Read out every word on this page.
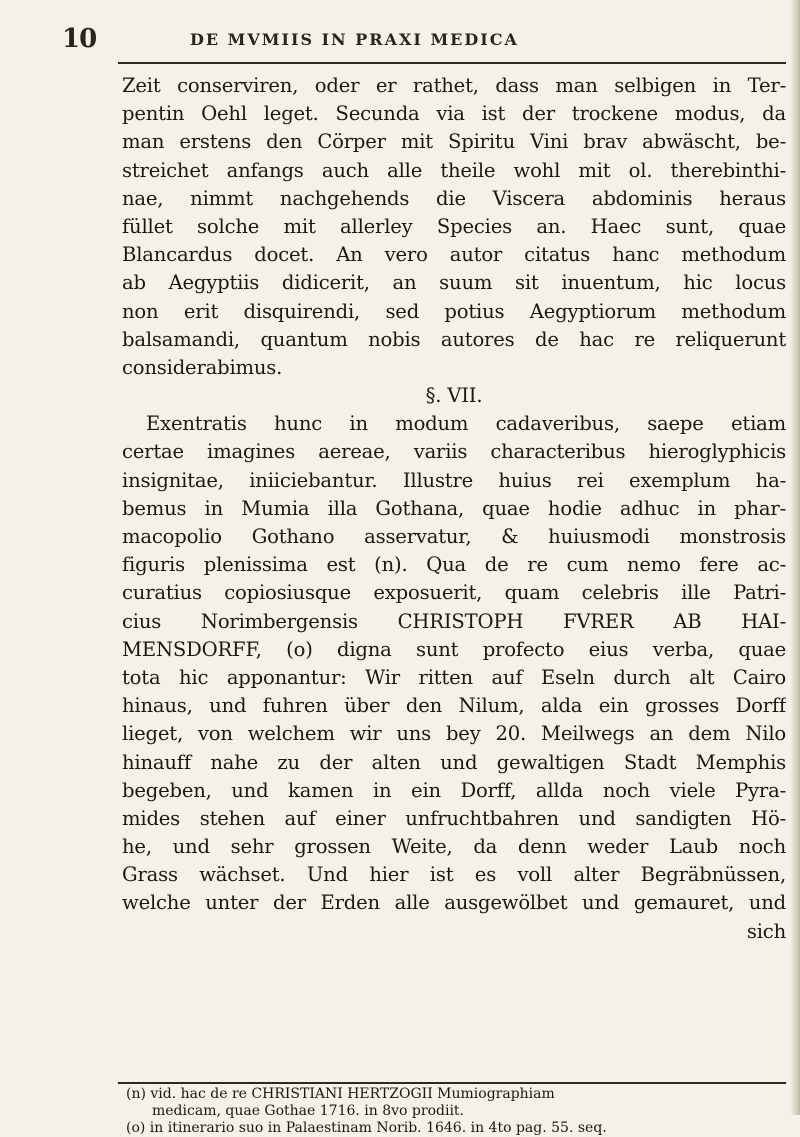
10	DE MVMIIS IN PRAXI MEDICA
Zeit conserviren, oder er rathet, dass man selbigen in Ter-
pentin Oehl leget. Secunda via ist der trockene modus, da
man erstens den Cörper mit Spiritu Vini brav abwäscht, be-
streichet anfangs auch alle theile wohl mit ol. therebinthi-
nae, nimmt nachgehends die Viscera abdominis heraus
füllet solche mit allerley Species an. Haec sunt, quae
Blancardus docet. An vero autor citatus hanc methodum
ab Aegyptiis didicerit, an suum sit inuentum, hic locus
non erit disquirendi, sed potius Aegyptiorum methodum
balsamandi, quantum nobis autores de hac re reliquerunt
considerabimus.
§. VII.
Exentratis hunc in modum cadaveribus, saepe etiam
certae imagines aereae, variis characteribus hieroglyphicis
insignitae, iniiciebantur. Illustre huius rei exemplum ha-
bemus in Mumia illa Gothana, quae hodie adhuc in phar-
macopolio Gothano asservatur, & huiusmodi monstrosis
figuris plenissima est (n). Qua de re cum nemo fere ac-
curatius copiosiusque exposuerit, quam celebris ille Patri-
cius Norimbergensis CHRISTOPH FVRER AB HAI-
MENSDORFF, (o) digna sunt profecto eius verba, quae
tota hic apponantur: Wir ritten auf Eseln durch alt Cairo
hinaus, und fuhren über den Nilum, alda ein grosses Dorff
lieget, von welchem wir uns bey 20. Meilwegs an dem Nilo
hinauff nahe zu der alten und gewaltigen Stadt Memphis
begeben, und kamen in ein Dorff, allda noch viele Pyra-
mides stehen auf einer unfruchtbahren und sandigten Hö-
he, und sehr grossen Weite, da denn weder Laub noch
Grass wächset. Und hier ist es voll alter Begräbnüssen,
welche unter der Erden alle ausgewölbet und gemauret, und
sich
(n) vid. hac de re CHRISTIANI HERTZOGII Mumiographiam
medicam, quae Gothae 1716. in 8vo prodiit.
(o) in itinerario suo in Palaestinam Norib. 1646. in 4to pag. 55. seq.
